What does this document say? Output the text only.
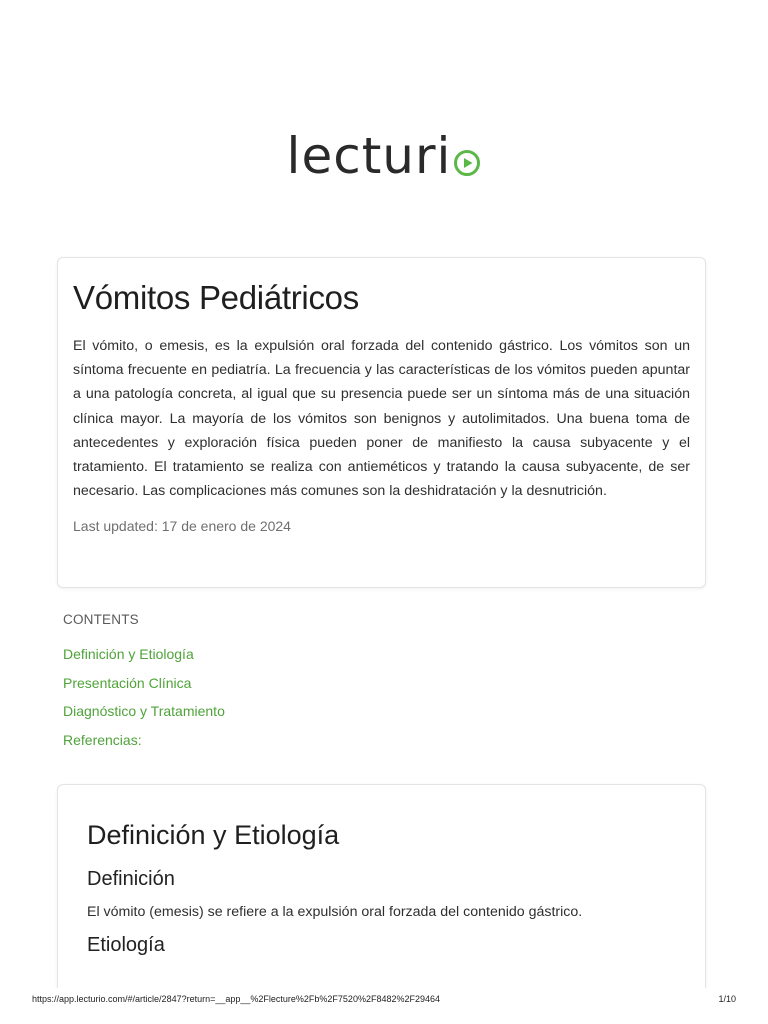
lecturi
Vómitos Pediátricos

El vómito, o emesis, es la expulsión oral forzada del contenido gástrico. Los vómitos son un síntoma frecuente en pediatría. La frecuencia y las características de los vómitos pueden apuntar a una patología concreta, al igual que su presencia puede ser un síntoma más de una situación clínica mayor. La mayoría de los vómitos son benignos y autolimitados. Una buena toma de antecedentes y exploración física pueden poner de manifiesto la causa subyacente y el tratamiento. El tratamiento se realiza con antieméticos y tratando la causa subyacente, de ser necesario. Las complicaciones más comunes son la deshidratación y la desnutrición.

Last updated: 17 de enero de 2024

CONTENTS
Definición y Etiología
Presentación Clínica
Diagnóstico y Tratamiento
Referencias:
Definición y Etiología
Definición

El vómito (emesis) se refiere a la expulsión oral forzada del contenido gástrico.

Etiología
https://app.lecturio.com/#/article/2847?return=__app__%2Flecture%2Fb%2F7520%2F8482%2F29464	1/10
